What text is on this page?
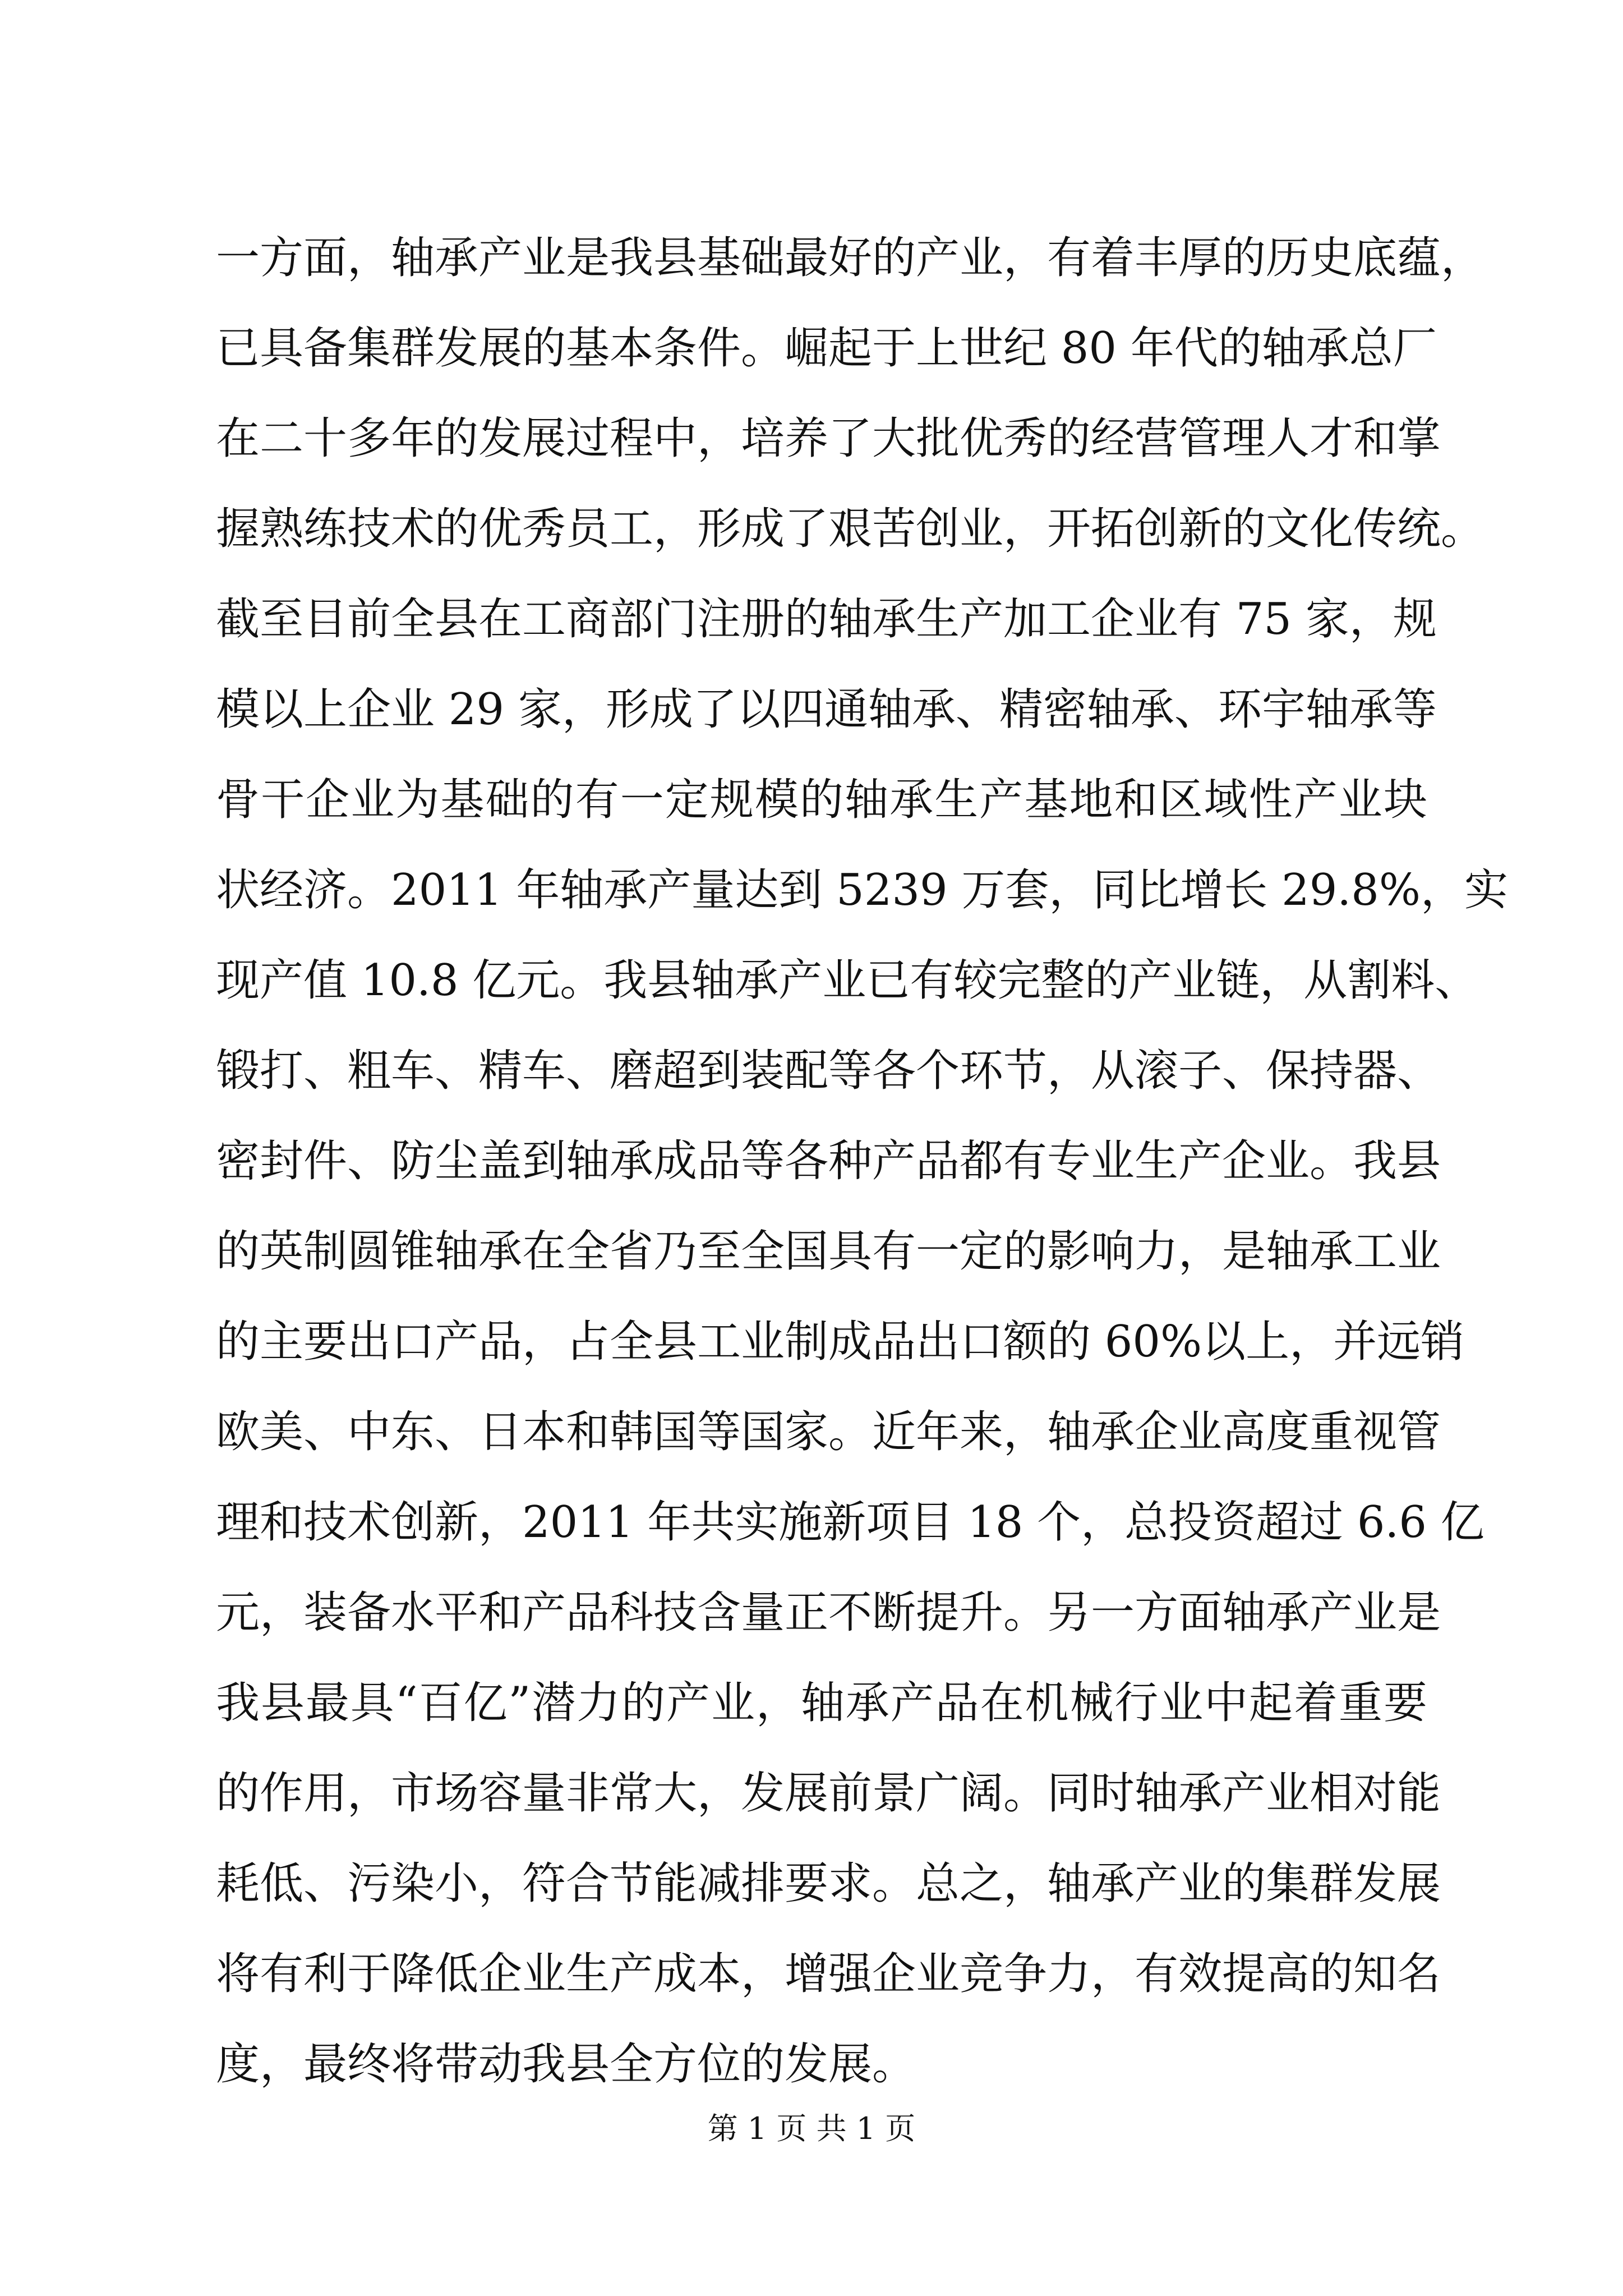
一方面，轴承产业是我县基础最好的产业，有着丰厚的历史底蕴，
已具备集群发展的基本条件。崛起于上世纪 80 年代的轴承总厂
在二十多年的发展过程中，培养了大批优秀的经营管理人才和掌
握熟练技术的优秀员工，形成了艰苦创业，开拓创新的文化传统。
截至目前全县在工商部门注册的轴承生产加工企业有 75 家，规
模以上企业 29 家，形成了以四通轴承、精密轴承、环宇轴承等
骨干企业为基础的有一定规模的轴承生产基地和区域性产业块
状经济。2011 年轴承产量达到 5239 万套，同比增长 29.8%，实
现产值 10.8 亿元。我县轴承产业已有较完整的产业链，从割料、
锻打、粗车、精车、磨超到装配等各个环节，从滚子、保持器、
密封件、防尘盖到轴承成品等各种产品都有专业生产企业。我县
的英制圆锥轴承在全省乃至全国具有一定的影响力，是轴承工业
的主要出口产品，占全县工业制成品出口额的 60%以上，并远销
欧美、中东、日本和韩国等国家。近年来，轴承企业高度重视管
理和技术创新，2011 年共实施新项目 18 个，总投资超过 6.6 亿
元，装备水平和产品科技含量正不断提升。另一方面轴承产业是
我县最具“百亿”潜力的产业，轴承产品在机械行业中起着重要
的作用，市场容量非常大，发展前景广阔。同时轴承产业相对能
耗低、污染小，符合节能减排要求。总之，轴承产业的集群发展
将有利于降低企业生产成本，增强企业竞争力，有效提高的知名
度，最终将带动我县全方位的发展。
第 1 页 共 1 页
